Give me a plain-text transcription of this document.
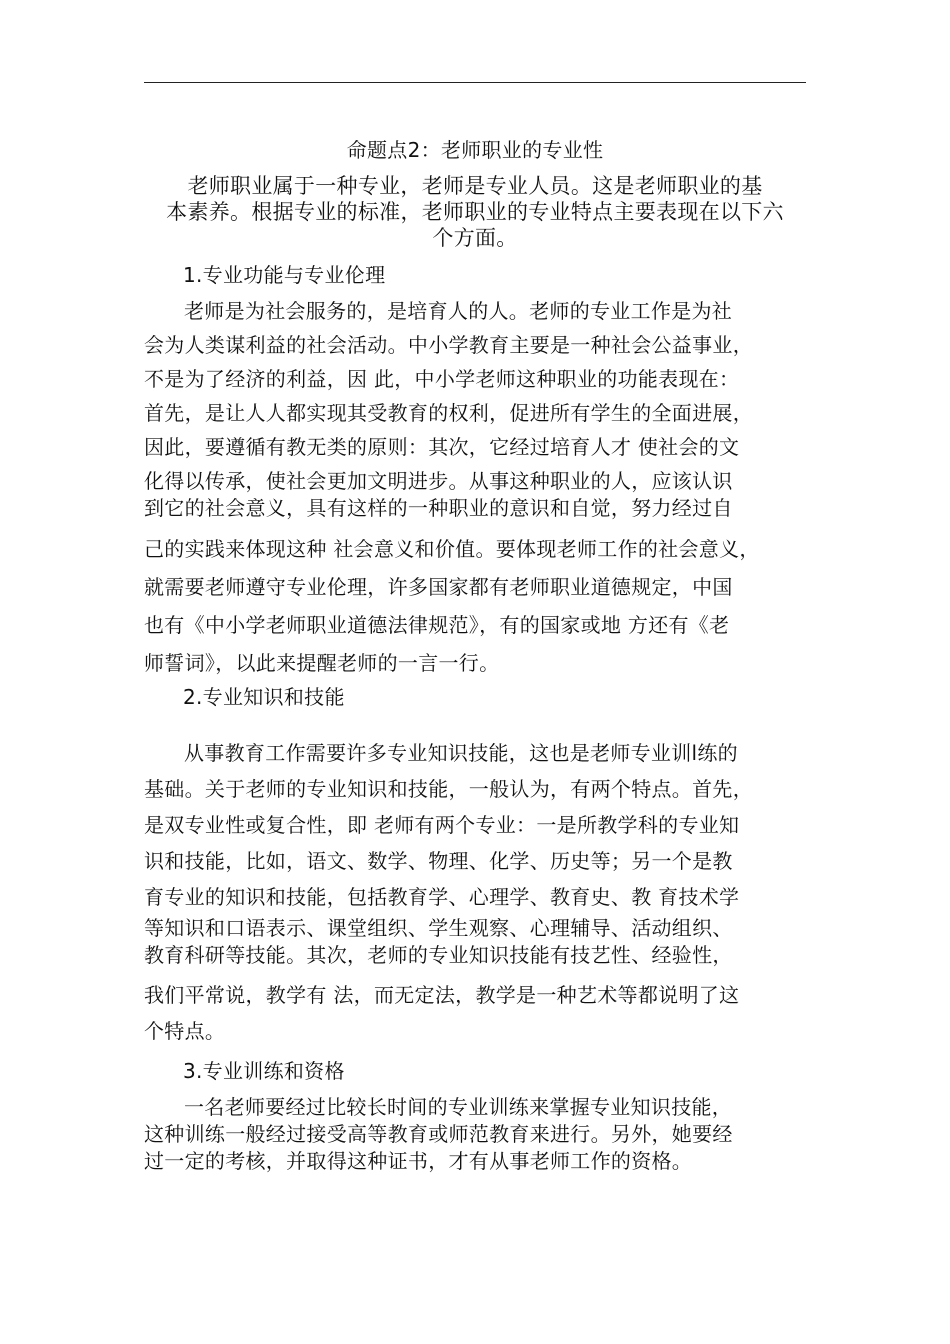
命题点2：老师职业的专业性
老师职业属于一种专业，老师是专业人员。这是老师职业的基
本素养。根据专业的标准，老师职业的专业特点主要表现在以下六
个方面。
1.专业功能与专业伦理
老师是为社会服务的，是培育人的人。老师的专业工作是为社
会为人类谋利益的社会活动。中小学教育主要是一种社会公益事业，
不是为了经济的利益，因 此，中小学老师这种职业的功能表现在：
首先，是让人人都实现其受教育的权利，促进所有学生的全面进展，
因此，要遵循有教无类的原则：其次，它经过培育人才 使社会的文
化得以传承，使社会更加文明进步。从事这种职业的人，应该认识
到它的社会意义，具有这样的一种职业的意识和自觉，努力经过自
己的实践来体现这种 社会意义和价值。要体现老师工作的社会意义，
就需要老师遵守专业伦理，许多国家都有老师职业道德规定，中国
也有《中小学老师职业道德法律规范》，有的国家或地 方还有《老
师誓词》，以此来提醒老师的一言一行。
2.专业知识和技能
从事教育工作需要许多专业知识技能，这也是老师专业训l练的
基础。关于老师的专业知识和技能，一般认为，有两个特点。首先，
是双专业性或复合性，即 老师有两个专业：一是所教学科的专业知
识和技能，比如，语文、数学、物理、化学、历史等；另一个是教
育专业的知识和技能，包括教育学、心理学、教育史、教 育技术学
等知识和口语表示、课堂组织、学生观察、心理辅导、活动组织、
教育科研等技能。其次，老师的专业知识技能有技艺性、经验性，
我们平常说，教学有 法，而无定法，教学是一种艺术等都说明了这
个特点。
3.专业训练和资格
一名老师要经过比较长时间的专业训练来掌握专业知识技能，
这种训练一般经过接受高等教育或师范教育来进行。另外，她要经
过一定的考核，并取得这种证书，才有从事老师工作的资格。
